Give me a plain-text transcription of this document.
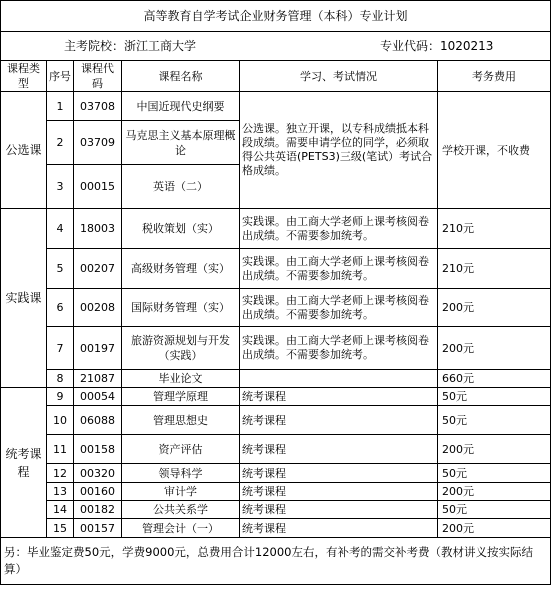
高等教育自学考试企业财务管理（本科）专业计划					

主考院校：浙江工商大学 专业代码：1020213					

课程类型	序号	课程代码	课程名称	学习、考试情况	考务费用
公选课	1	03708	中国近现代史纲要	公选课。独立开课，以专科成绩抵本科段成绩。需要申请学位的同学，必须取得公共英语(PETS3)三级(笔试）考试合格成绩。	学校开课，不收费
	2	03709	马克思主义基本原理概论		
	3	00015	英语（二）		
实践课	4	18003	税收策划（实）	实践课。由工商大学老师上课考核阅卷出成绩。不需要参加统考。	210元
	5	00207	高级财务管理（实）	实践课。由工商大学老师上课考核阅卷出成绩。不需要参加统考。	210元
	6	00208	国际财务管理（实）	实践课。由工商大学老师上课考核阅卷出成绩。不需要参加统考。	200元
	7	00197	旅游资源规划与开发（实践）	实践课。由工商大学老师上课考核阅卷出成绩。不需要参加统考。	200元
	8	21087	毕业论文		660元
统考课程	9	00054	管理学原理	统考课程	50元
	10	06088	管理思想史	统考课程	50元
	11	00158	资产评估	统考课程	200元
	12	00320	领导科学	统考课程	50元
	13	00160	审计学	统考课程	200元
	14	00182	公共关系学	统考课程	50元
	15	00157	管理会计（一）	统考课程	200元
另：毕业鉴定费50元，学费9000元，总费用合计12000左右，有补考的需交补考费（教材讲义按实际结算）					
